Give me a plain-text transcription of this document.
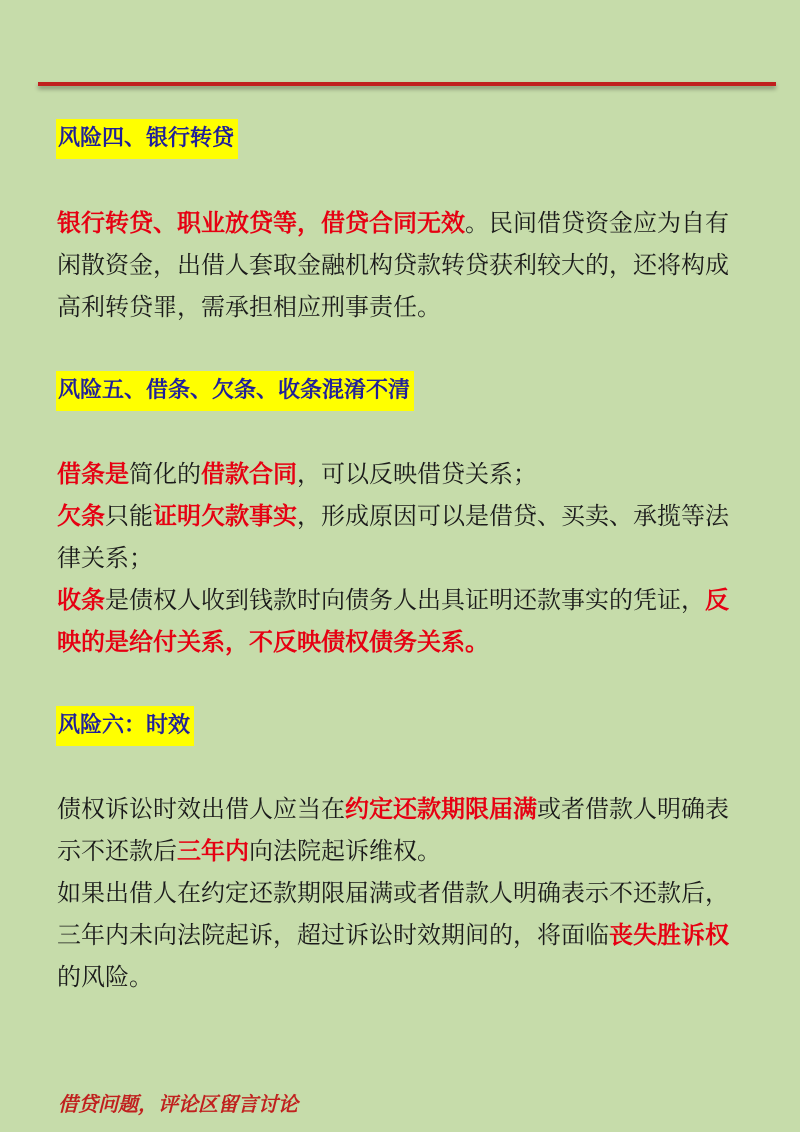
风险四、银行转贷
银行转贷、职业放贷等，借贷合同无效。民间借贷资金应为自有
闲散资金，出借人套取金融机构贷款转贷获利较大的，还将构成
高利转贷罪，需承担相应刑事责任。
风险五、借条、欠条、收条混淆不清
借条是简化的借款合同，可以反映借贷关系；
欠条只能证明欠款事实，形成原因可以是借贷、买卖、承揽等法
律关系；
收条是债权人收到钱款时向债务人出具证明还款事实的凭证，反
映的是给付关系，不反映债权债务关系。
风险六：时效
债权诉讼时效出借人应当在约定还款期限届满或者借款人明确表
示不还款后三年内向法院起诉维权。
如果出借人在约定还款期限届满或者借款人明确表示不还款后，
三年内未向法院起诉，超过诉讼时效期间的，将面临丧失胜诉权
的风险。
借贷问题，评论区留言讨论
